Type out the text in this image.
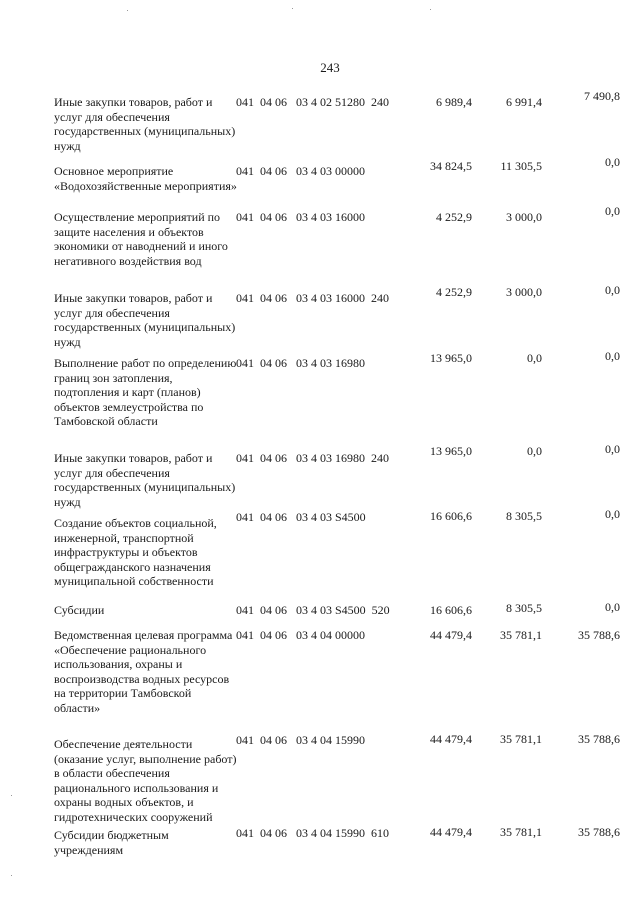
243
Иные закупки товаров, работ и услуг для обеспечения государственных (муниципальных) нужд
041  04 06   03 4 02 51280  240	6 989,4	6 991,4	7 490,8
Основное мероприятие «Водохозяйственные мероприятия»
041  04 06   03 4 03 00000	34 824,5	11 305,5	0,0
Осуществление мероприятий по защите населения и объектов экономики от наводнений и иного негативного воздействия вод
041  04 06   03 4 03 16000	4 252,9	3 000,0	0,0
Иные закупки товаров, работ и услуг для обеспечения государственных (муниципальных) нужд
041  04 06   03 4 03 16000  240	4 252,9	3 000,0	0,0
Выполнение работ по определению границ зон затопления, подтопления и карт (планов) объектов землеустройства по Тамбовской области
041  04 06   03 4 03 16980	13 965,0	0,0	0,0
Иные закупки товаров, работ и услуг для обеспечения государственных (муниципальных) нужд
041  04 06   03 4 03 16980  240	13 965,0	0,0	0,0
Создание объектов социальной, инженерной, транспортной инфраструктуры и объектов общегражданского назначения муниципальной собственности
041  04 06   03 4 03 S4500	16 606,6	8 305,5	0,0
Субсидии	041  04 06   03 4 03 S4500  520	16 606,6	8 305,5	0,0
Ведомственная целевая программа «Обеспечение рационального использования, охраны и воспроизводства водных ресурсов на территории Тамбовской области»
041  04 06   03 4 04 00000	44 479,4	35 781,1	35 788,6
Обеспечение деятельности (оказание услуг, выполнение работ) в области обеспечения рационального использования и охраны водных объектов, и гидротехнических сооружений
041  04 06   03 4 04 15990	44 479,4	35 781,1	35 788,6
Субсидии бюджетным учреждениям
041  04 06   03 4 04 15990  610	44 479,4	35 781,1	35 788,6
